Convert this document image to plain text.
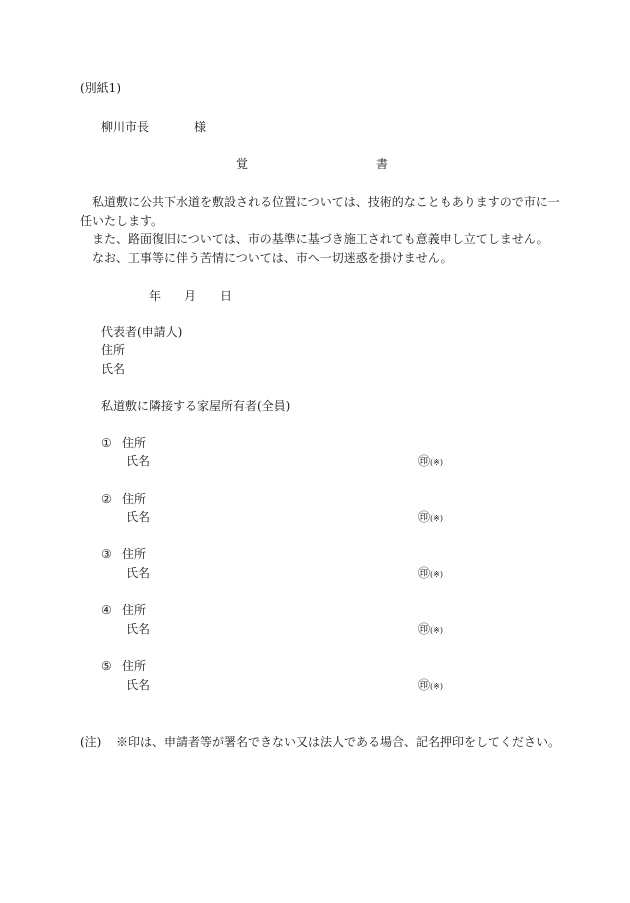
(別紙1)
柳川市長	様
覚	書
私道敷に公共下水道を敷設される位置については、技術的なこともありますので市に一
任いたします。
また、路面復旧については、市の基準に基づき施工されても意義申し立てしません。
なお、工事等に伴う苦情については、市へ一切迷惑を掛けません。
年 月 日
代表者(申請人)
住所
氏名
私道敷に隣接する家屋所有者(全員)
① 住所
氏名	㊞(※)
② 住所
氏名	㊞(※)
③ 住所
氏名	㊞(※)
④ 住所
氏名	㊞(※)
⑤ 住所
氏名	㊞(※)
(注) ※印は、申請者等が署名できない又は法人である場合、記名押印をしてください。
